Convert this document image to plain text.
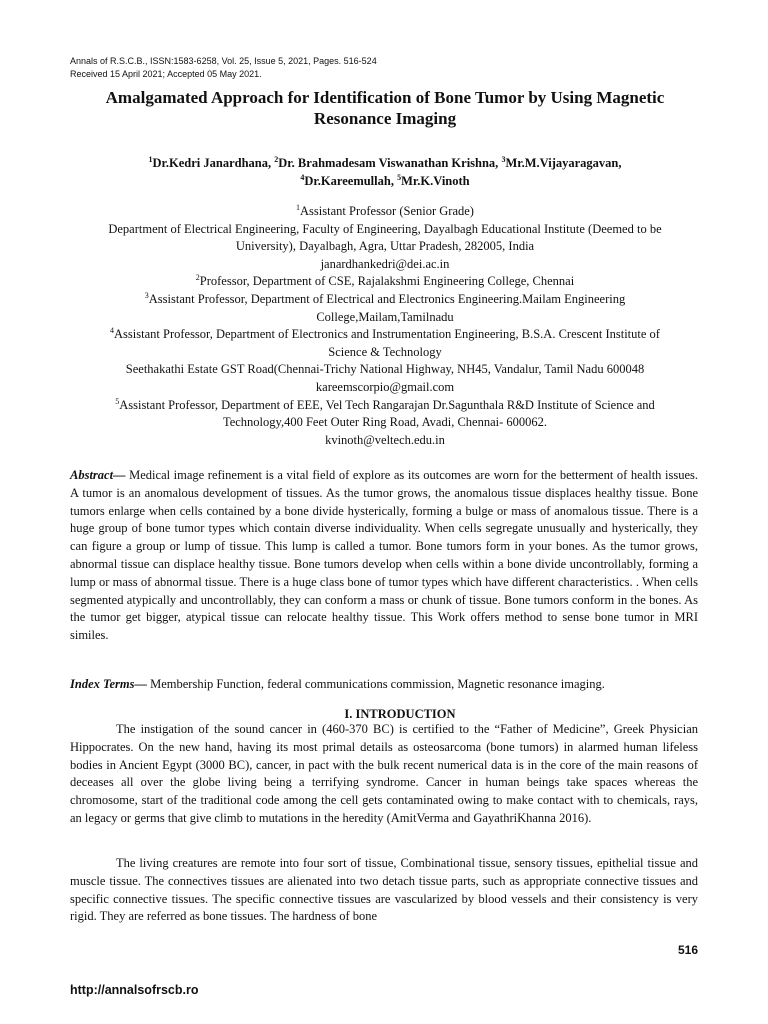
Annals of R.S.C.B., ISSN:1583-6258, Vol. 25, Issue 5, 2021, Pages. 516-524
Received 15 April 2021; Accepted 05 May 2021.
Amalgamated Approach for Identification of Bone Tumor by Using Magnetic
Resonance Imaging
$^1$Dr.Kedri Janardhana, $^2$Dr. Brahmadesam Viswanathan Krishna, $^3$Mr.M.Vijayaragavan,
$^4$Dr.Kareemullah, $^5$Mr.K.Vinoth
$^1$Assistant Professor (Senior Grade)
Department of Electrical Engineering, Faculty of Engineering, Dayalbagh Educational Institute (Deemed to be
University), Dayalbagh, Agra, Uttar Pradesh, 282005, India
janardhankedri@dei.ac.in
$^2$Professor, Department of CSE, Rajalakshmi Engineering College, Chennai
$^3$Assistant Professor, Department of Electrical and Electronics Engineering.Mailam Engineering
College,Mailam,Tamilnadu
$^4$Assistant Professor, Department of Electronics and Instrumentation Engineering, B.S.A. Crescent Institute of
Science & Technology
Seethakathi Estate GST Road(Chennai-Trichy National Highway, NH45, Vandalur, Tamil Nadu 600048
kareemscorpio@gmail.com
$^5$Assistant Professor, Department of EEE, Vel Tech Rangarajan Dr.Sagunthala R&D Institute of Science and
Technology,400 Feet Outer Ring Road, Avadi, Chennai- 600062.
kvinoth@veltech.edu.in

Abstract— Medical image refinement is a vital field of explore as its outcomes are worn for the betterment of health issues. A tumor is an anomalous development of tissues. As the tumor grows, the anomalous tissue displaces healthy tissue. Bone tumors enlarge when cells contained by a bone divide hysterically, forming a bulge or mass of anomalous tissue. There is a huge group of bone tumor types which contain diverse individuality. When cells segregate unusually and hysterically, they can figure a group or lump of tissue. This lump is called a tumor. Bone tumors form in your bones. As the tumor grows, abnormal tissue can displace healthy tissue. Bone tumors develop when cells within a bone divide uncontrollably, forming a lump or mass of abnormal tissue. There is a huge class bone of tumor types which have different characteristics. . When cells segmented atypically and uncontrollably, they can conform a mass or chunk of tissue. Bone tumors conform in the bones. As the tumor get bigger, atypical tissue can relocate healthy tissue. This Work offers method to sense bone tumor in MRI similes.

Index Terms— Membership Function, federal communications commission, Magnetic resonance imaging.

I. INTRODUCTION

The instigation of the sound cancer in (460-370 BC) is certified to the “Father of Medicine”, Greek Physician Hippocrates. On the new hand, having its most primal details as osteosarcoma (bone tumors) in alarmed human lifeless bodies in Ancient Egypt (3000 BC), cancer, in pact with the bulk recent numerical data is in the core of the main reasons of deceases all over the globe living being a terrifying syndrome. Cancer in human beings take spaces whereas the chromosome, start of the traditional code among the cell gets contaminated owing to make contact with to chemicals, rays, an legacy or germs that give climb to mutations in the heredity (AmitVerma and GayathriKhanna 2016).

The living creatures are remote into four sort of tissue, Combinational tissue, sensory tissues, epithelial tissue and muscle tissue. The connectives tissues are alienated into two detach tissue parts, such as appropriate connective tissues and specific connective tissues. The specific connective tissues are vascularized by blood vessels and their consistency is very rigid. They are referred as bone tissues. The hardness of bone

516
http://annalsofrscb.ro
